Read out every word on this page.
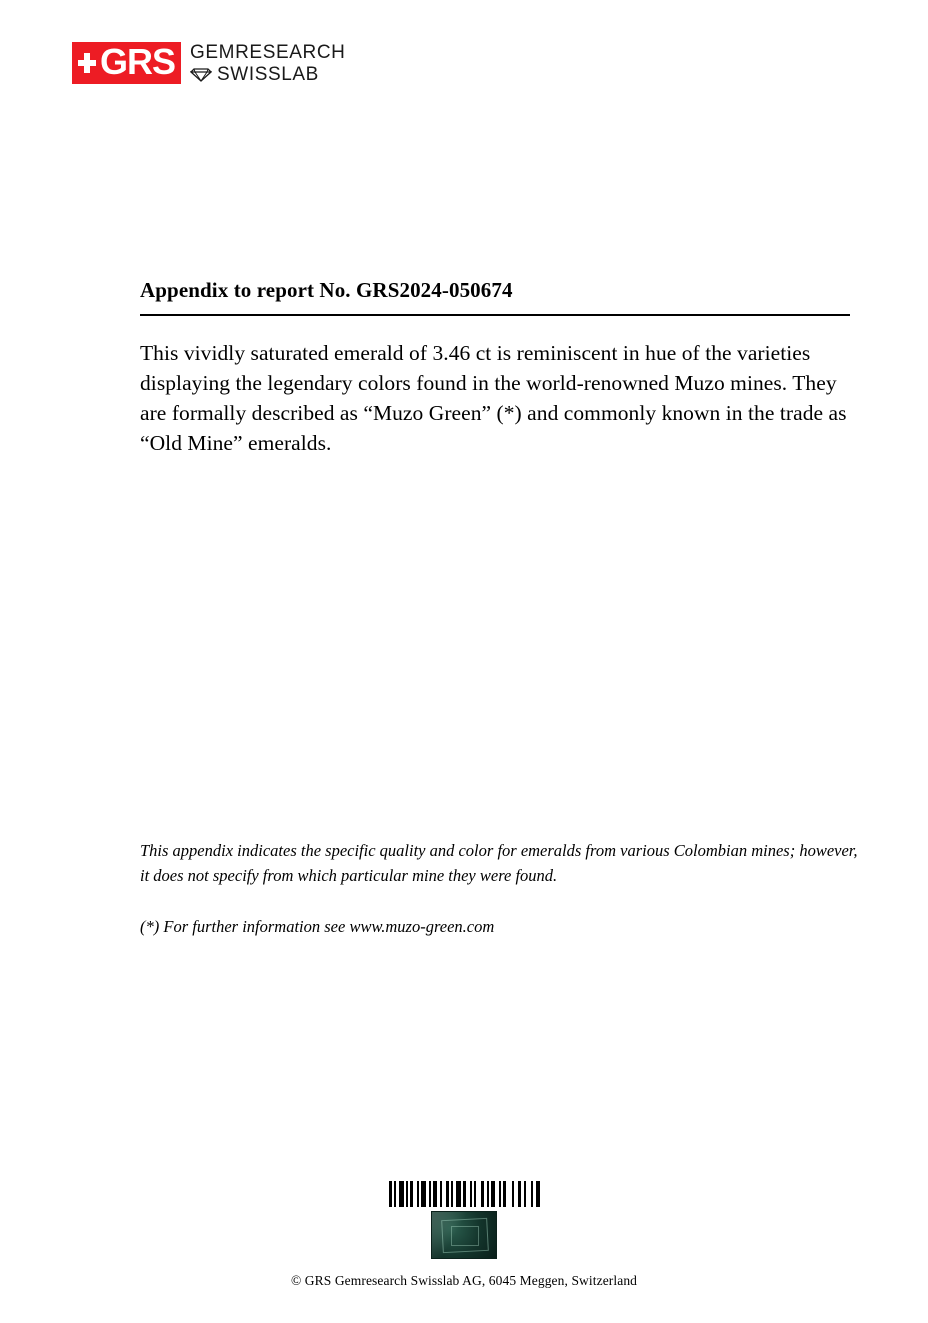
GRS GEMRESEARCH
SWISSLAB
Appendix to report No. GRS2024-050674

This vividly saturated emerald of 3.46 ct is reminiscent in hue of the varieties displaying the legendary colors found in the world-renowned Muzo mines. They are formally described as “Muzo Green” (*) and commonly known in the trade as “Old Mine” emeralds.

This appendix indicates the specific quality and color for emeralds from various Colombian mines; however, it does not specify from which particular mine they were found.
(*) For further information see www.muzo-green.com

© GRS Gemresearch Swisslab AG, 6045 Meggen, Switzerland
